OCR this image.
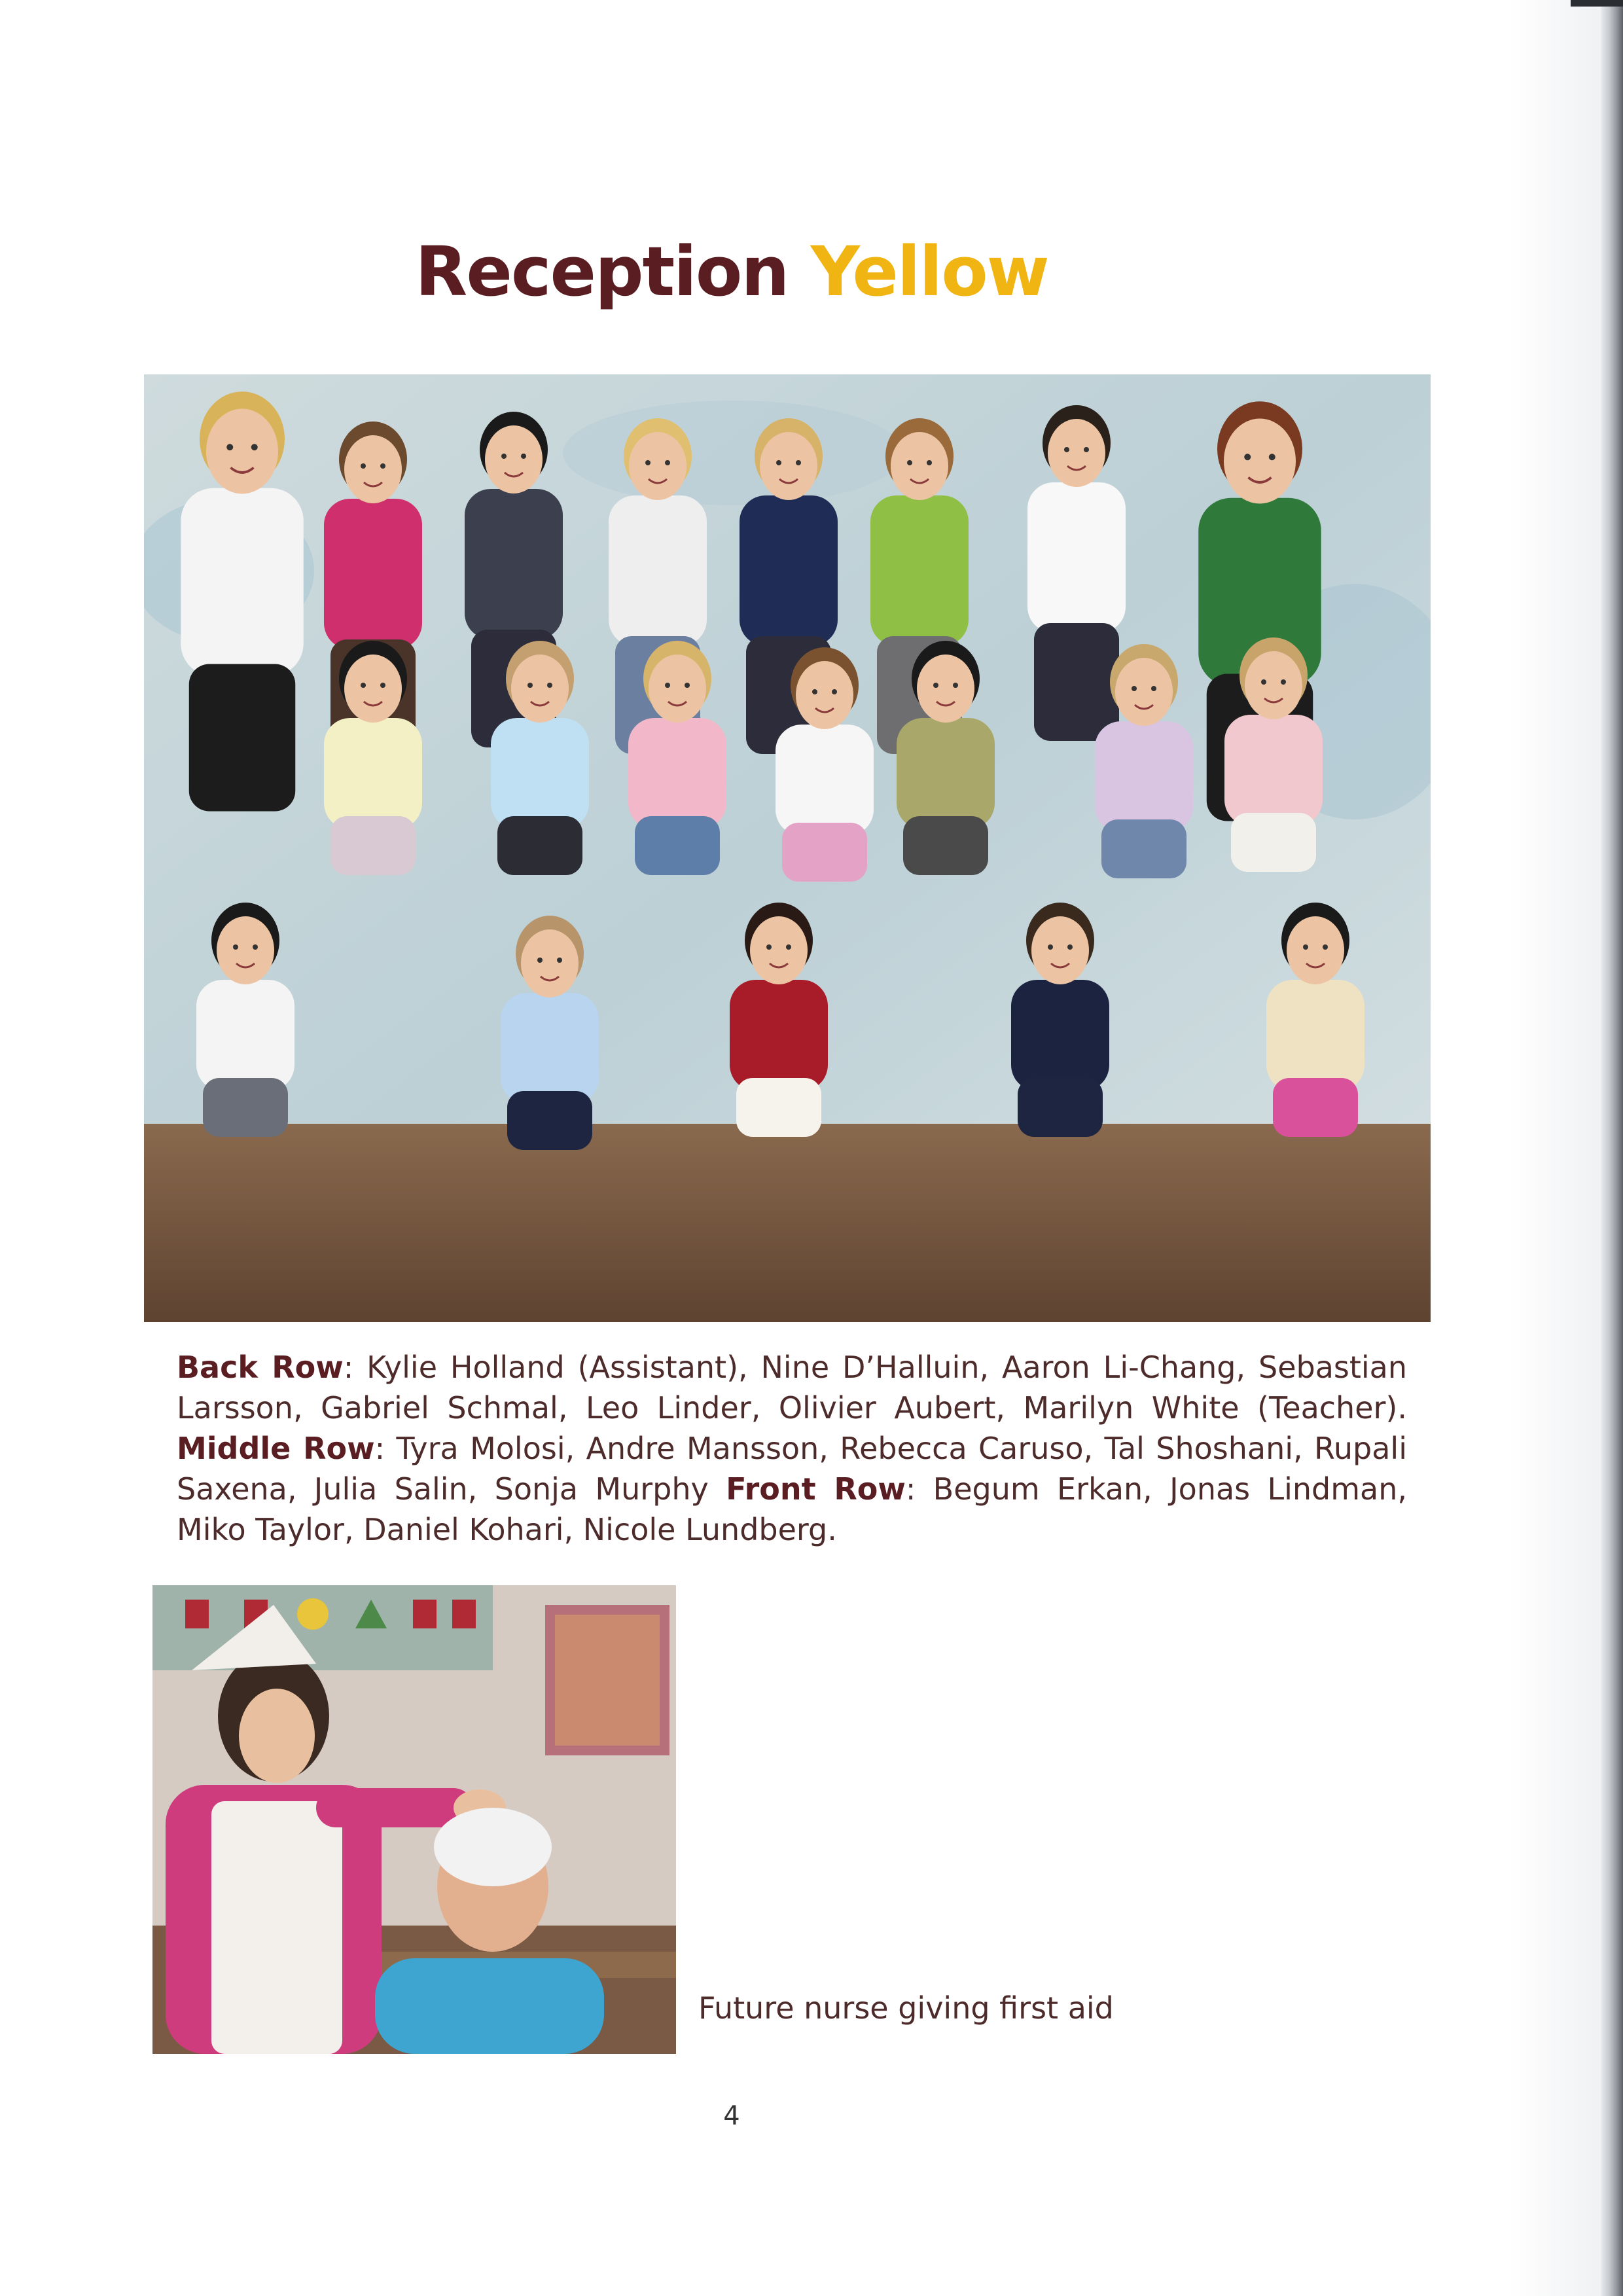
Reception Yellow
Back Row: Kylie Holland (Assistant), Nine D’Halluin, Aaron Li-Chang, Sebastian Larsson, Gabriel Schmal, Leo Linder, Olivier Aubert, Marilyn White (Teacher). Middle Row: Tyra Molosi, Andre Mansson, Rebecca Caruso, Tal Shoshani, Rupali Saxena, Julia Salin, Sonja Murphy Front Row: Begum Erkan, Jonas Lindman, Miko Taylor, Daniel Kohari, Nicole Lundberg.
Future nurse giving first aid
4
